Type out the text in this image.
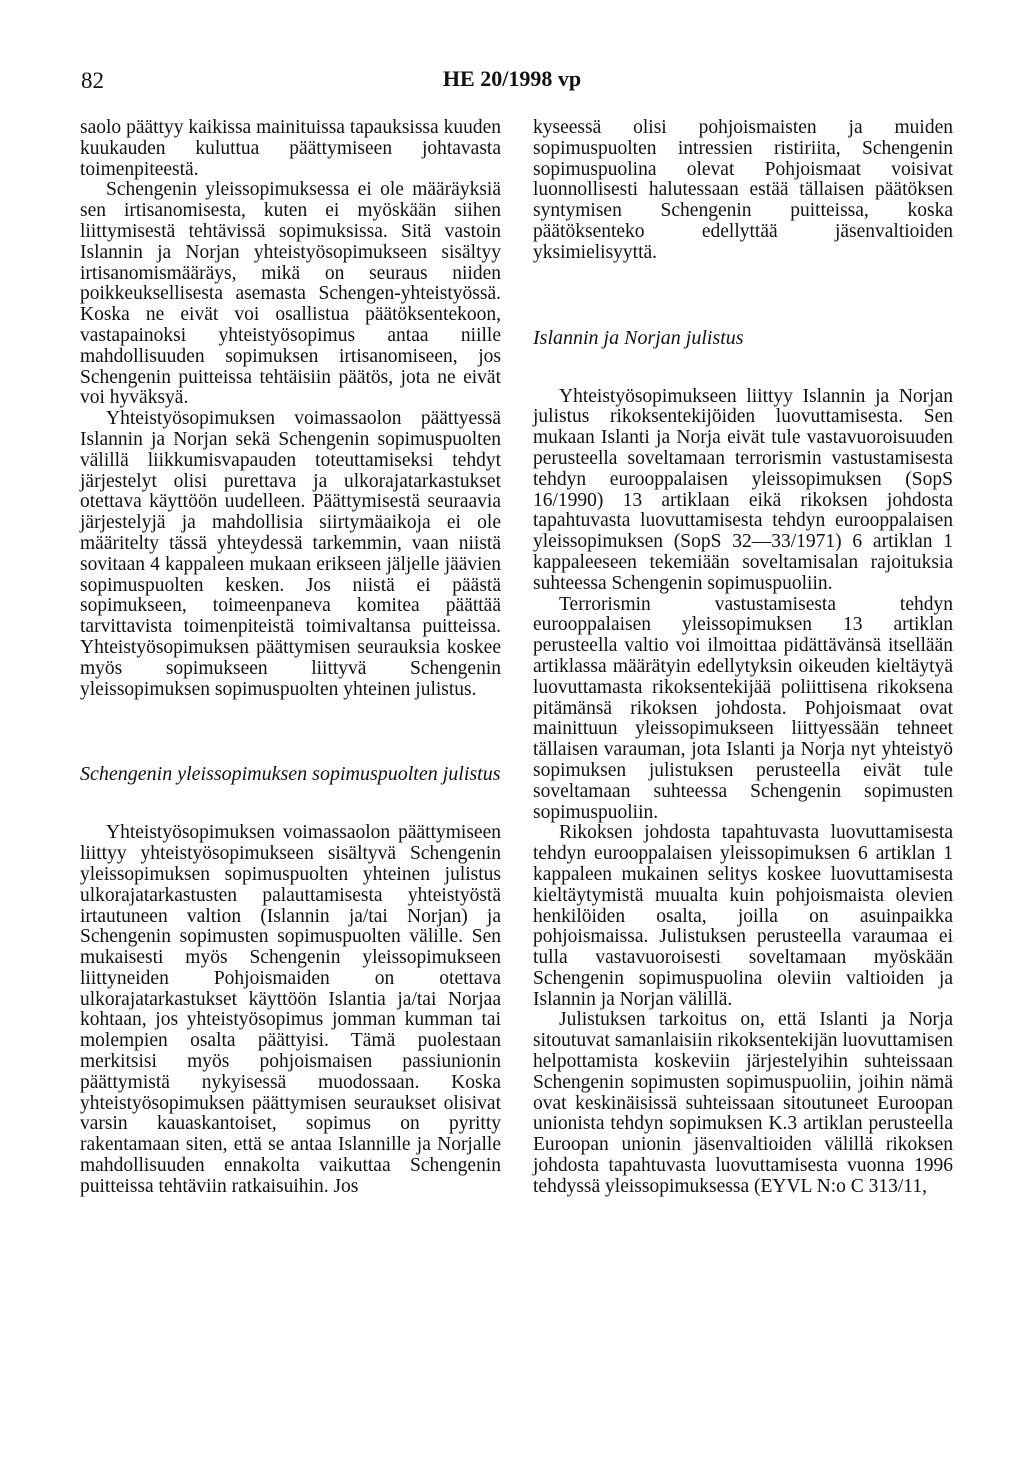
82	HE 20/1998 vp

saolo päättyy kaikissa mainituissa tapauksissa kuuden kuukauden kuluttua päättymiseen johtavasta toimenpiteestä.

Schengenin yleissopimuksessa ei ole määräyksiä sen irtisanomisesta, kuten ei myöskään siihen liittymisestä tehtävissä sopimuksissa. Sitä vastoin Islannin ja Norjan yhteistyösopimukseen sisältyy irtisanomismääräys, mikä on seuraus niiden poikkeuksellisesta asemasta Schengen-yhteistyössä. Koska ne eivät voi osallistua päätöksentekoon, vastapainoksi yhteistyösopimus antaa niille mahdollisuuden sopimuksen irtisanomiseen, jos Schengenin puitteissa tehtäisiin päätös, jota ne eivät voi hyväksyä.

Yhteistyösopimuksen voimassaolon päättyessä Islannin ja Norjan sekä Schengenin sopimuspuolten välillä liikkumisvapauden toteuttamiseksi tehdyt järjestelyt olisi purettava ja ulkorajatarkastukset otettava käyttöön uudelleen. Päättymisestä seuraavia järjestelyjä ja mahdollisia siirtymäaikoja ei ole määritelty tässä yhteydessä tarkemmin, vaan niistä sovitaan 4 kappaleen mukaan erikseen jäljelle jäävien sopimuspuolten kesken. Jos niistä ei päästä sopimukseen, toimeenpaneva komitea päättää tarvittavista toimenpiteistä toimivaltansa puitteissa. Yhteistyösopimuksen päättymisen seurauksia koskee myös sopimukseen liittyvä Schengenin yleissopimuksen sopimuspuolten yhteinen julistus.

Schengenin yleissopimuksen sopimuspuolten julistus

Yhteistyösopimuksen voimassaolon päättymiseen liittyy yhteistyösopimukseen sisältyvä Schengenin yleissopimuksen sopimuspuolten yhteinen julistus ulkorajatarkastusten palauttamisesta yhteistyöstä irtautuneen valtion (Islannin ja/tai Norjan) ja Schengenin sopimusten sopimuspuolten välille. Sen mukaisesti myös Schengenin yleissopimukseen liittyneiden Pohjoismaiden on otettava ulkorajatarkastukset käyttöön Islantia ja/tai Norjaa kohtaan, jos yhteistyösopimus jomman kumman tai molempien osalta päättyisi. Tämä puolestaan merkitsisi myös pohjoismaisen passiunionin päättymistä nykyisessä muodossaan. Koska yhteistyösopimuksen päättymisen seuraukset olisivat varsin kauaskantoiset, sopimus on pyritty rakentamaan siten, että se antaa Islannille ja Norjalle mahdollisuuden ennakolta vaikuttaa Schengenin puitteissa tehtäviin ratkaisuihin. Jos

kyseessä olisi pohjoismaisten ja muiden sopimuspuolten intressien ristiriita, Schengenin sopimuspuolina olevat Pohjoismaat voisivat luonnollisesti halutessaan estää tällaisen päätöksen syntymisen Schengenin puitteissa, koska päätöksenteko edellyttää jäsenvaltioiden yksimielisyyttä.

Islannin ja Norjan julistus

Yhteistyösopimukseen liittyy Islannin ja Norjan julistus rikoksentekijöiden luovuttamisesta. Sen mukaan Islanti ja Norja eivät tule vastavuoroisuuden perusteella soveltamaan terrorismin vastustamisesta tehdyn eurooppalaisen yleissopimuksen (SopS 16/1990) 13 artiklaan eikä rikoksen johdosta tapahtuvasta luovuttamisesta tehdyn eurooppalaisen yleissopimuksen (SopS 32—33/1971) 6 artiklan 1 kappaleeseen tekemiään soveltamisalan rajoituksia suhteessa Schengenin sopimuspuoliin.

Terrorismin vastustamisesta tehdyn eurooppalaisen yleissopimuksen 13 artiklan perusteella valtio voi ilmoittaa pidättävänsä itsellään artiklassa määrätyin edellytyksin oikeuden kieltäytyä luovuttamasta rikoksentekijää poliittisena rikoksena pitämänsä rikoksen johdosta. Pohjoismaat ovat mainittuun yleissopimukseen liittyessään tehneet tällaisen varauman, jota Islanti ja Norja nyt yhteistyö sopimuksen julistuksen perusteella eivät tule soveltamaan suhteessa Schengenin sopimusten sopimuspuoliin.

Rikoksen johdosta tapahtuvasta luovuttamisesta tehdyn eurooppalaisen yleissopimuksen 6 artiklan 1 kappaleen mukainen selitys koskee luovuttamisesta kieltäytymistä muualta kuin pohjoismaista olevien henkilöiden osalta, joilla on asuinpaikka pohjoismaissa. Julistuksen perusteella varaumaa ei tulla vastavuoroisesti soveltamaan myöskään Schengenin sopimuspuolina oleviin valtioiden ja Islannin ja Norjan välillä.

Julistuksen tarkoitus on, että Islanti ja Norja sitoutuvat samanlaisiin rikoksentekijän luovuttamisen helpottamista koskeviin järjestelyihin suhteissaan Schengenin sopimusten sopimuspuoliin, joihin nämä ovat keskinäisissä suhteissaan sitoutuneet Euroopan unionista tehdyn sopimuksen K.3 artiklan perusteella Euroopan unionin jäsenvaltioiden välillä rikoksen johdosta tapahtuvasta luovuttamisesta vuonna 1996 tehdyssä yleissopimuksessa (EYVL N:o C 313/11,
